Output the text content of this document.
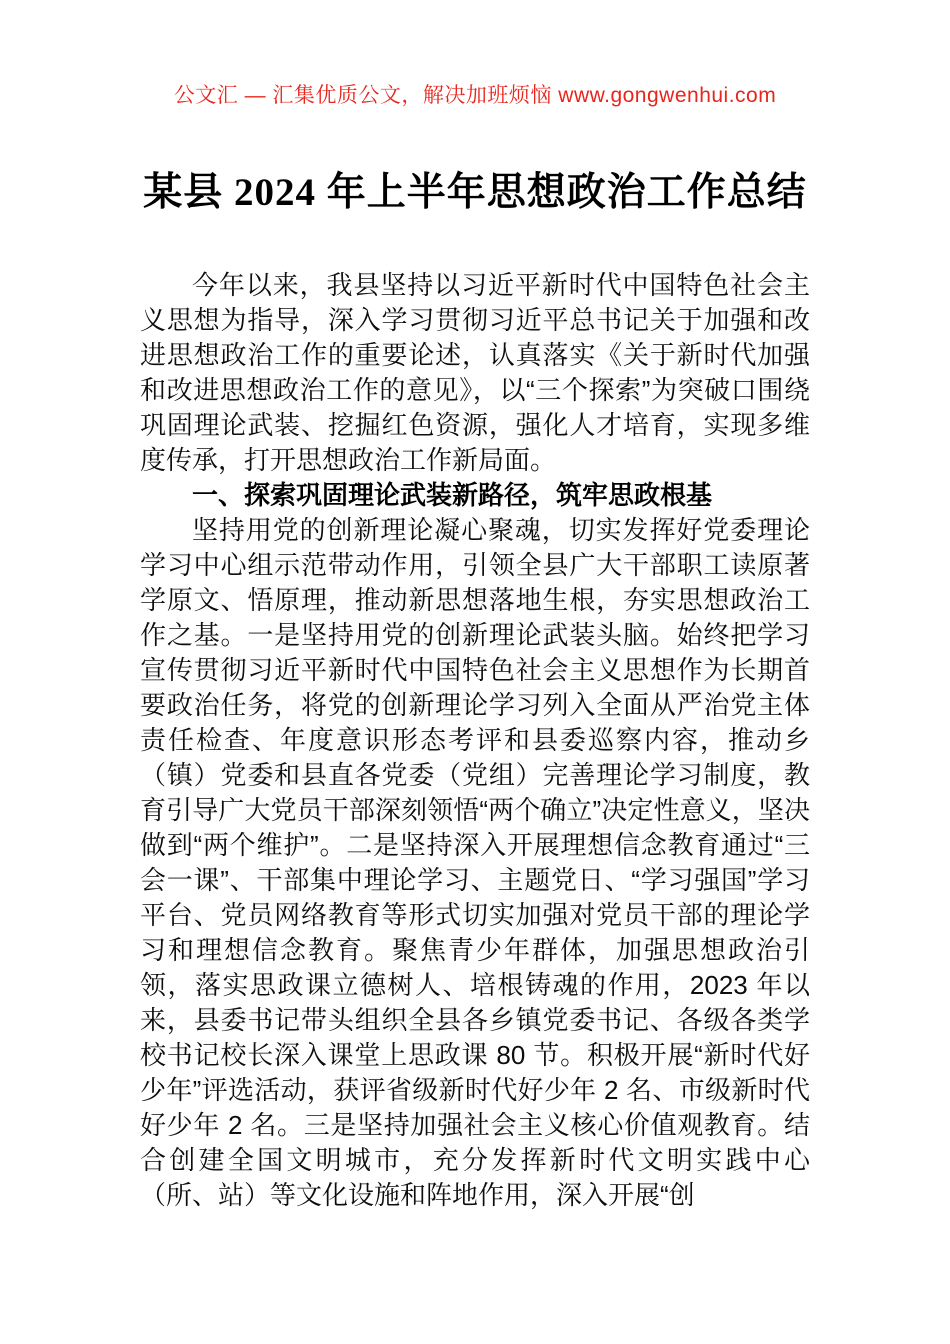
公文汇 — 汇集优质公文，解决加班烦恼 www.gongwenhui.com
某县 2024 年上半年思想政治工作总结

今年以来，我县坚持以习近平新时代中国特色社会主义思想为指导，深入学习贯彻习近平总书记关于加强和改进思想政治工作的重要论述，认真落实《关于新时代加强和改进思想政治工作的意见》，以“三个探索”为突破口围绕巩固理论武装、挖掘红色资源，强化人才培育，实现多维度传承，打开思想政治工作新局面。

一、探索巩固理论武装新路径，筑牢思政根基

坚持用党的创新理论凝心聚魂，切实发挥好党委理论学习中心组示范带动作用，引领全县广大干部职工读原著学原文、悟原理，推动新思想落地生根，夯实思想政治工作之基。一是坚持用党的创新理论武装头脑。始终把学习宣传贯彻习近平新时代中国特色社会主义思想作为长期首要政治任务，将党的创新理论学习列入全面从严治党主体责任检查、年度意识形态考评和县委巡察内容，推动乡（镇）党委和县直各党委（党组）完善理论学习制度，教育引导广大党员干部深刻领悟“两个确立”决定性意义，坚决做到“两个维护”。二是坚持深入开展理想信念教育通过“三会一课”、干部集中理论学习、主题党日、“学习强国”学习平台、党员网络教育等形式切实加强对党员干部的理论学习和理想信念教育。聚焦青少年群体，加强思想政治引领，落实思政课立德树人、培根铸魂的作用，2023 年以来，县委书记带头组织全县各乡镇党委书记、各级各类学校书记校长深入课堂上思政课 80 节。积极开展“新时代好少年”评选活动，获评省级新时代好少年 2 名、市级新时代好少年 2 名。三是坚持加强社会主义核心价值观教育。结合创建全国文明城市，充分发挥新时代文明实践中心（所、站）等文化设施和阵地作用，深入开展“创
